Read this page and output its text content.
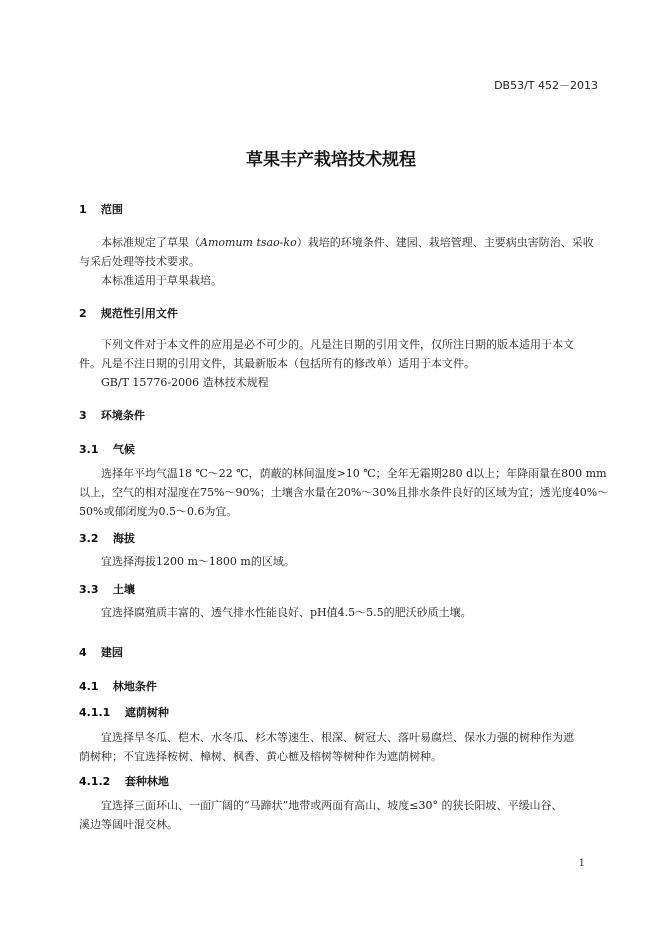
DB53/T 452－2013
草果丰产栽培技术规程
1 范围
本标准规定了草果（Amomum tsao-ko）栽培的环境条件、建园、栽培管理、主要病虫害防治、采收
与采后处理等技术要求。
本标准适用于草果栽培。
2 规范性引用文件
下列文件对于本文件的应用是必不可少的。凡是注日期的引用文件，仅所注日期的版本适用于本文
件。凡是不注日期的引用文件，其最新版本（包括所有的修改单）适用于本文件。
GB/T 15776-2006 造林技术规程
3 环境条件
3.1 气候
选择年平均气温18 ℃～22 ℃，荫蔽的林间温度>10 ℃；全年无霜期280 d以上；年降雨量在800 mm
以上，空气的相对湿度在75%～90%；土壤含水量在20%～30%且排水条件良好的区域为宜；透光度40%～
50%或郁闭度为0.5～0.6为宜。
3.2 海拔
宜选择海拔1200 m～1800 m的区域。
3.3 土壤
宜选择腐殖质丰富的、透气排水性能良好、pH值4.5～5.5的肥沃砂质土壤。
4 建园
4.1 林地条件
4.1.1 遮荫树种
宜选择旱冬瓜、桤木、水冬瓜、杉木等速生、根深、树冠大、落叶易腐烂、保水力强的树种作为遮
荫树种；不宜选择桉树、樟树、枫香、黄心樜及榕树等树种作为遮荫树种。
4.1.2 套种林地
宜选择三面环山、一面广阔的“马蹄状”地带或两面有高山、坡度≤30° 的狭长阳坡、平缓山谷、
溪边等阔叶混交林。
1
